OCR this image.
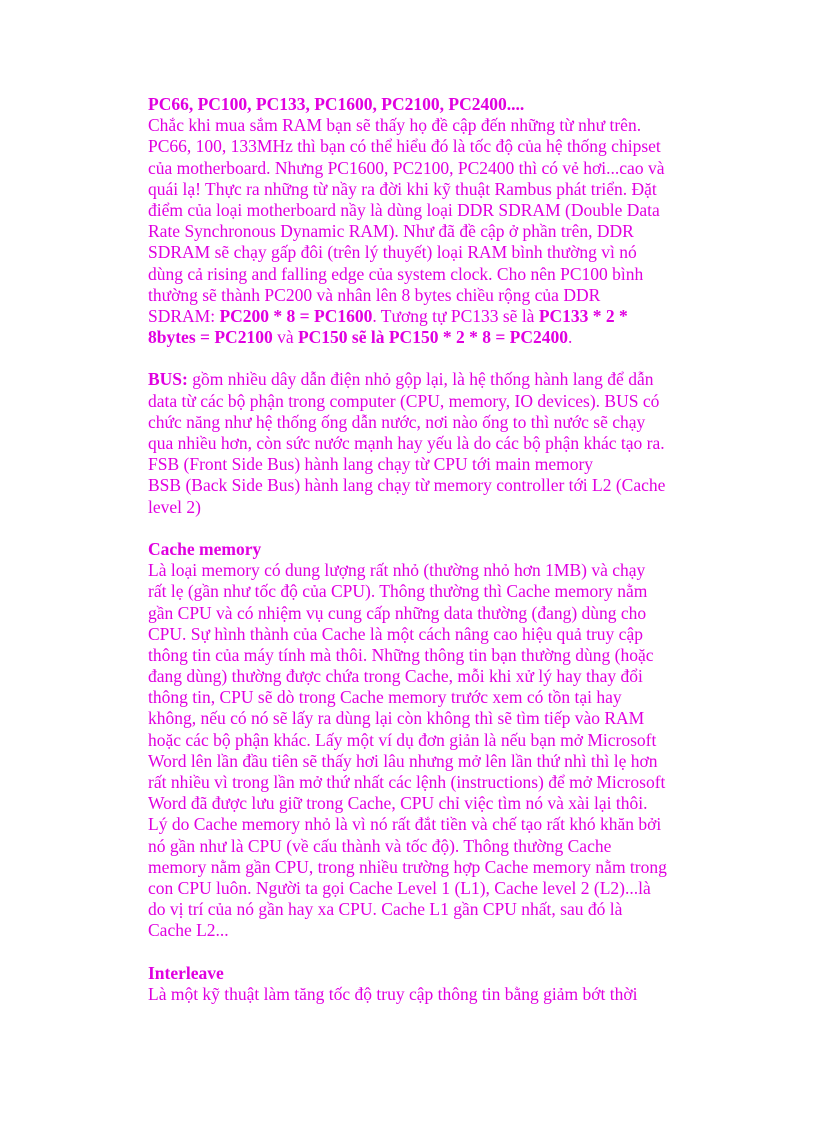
PC66, PC100, PC133, PC1600, PC2100, PC2400....
Chắc khi mua sắm RAM bạn sẽ thấy họ đề cập đến những từ như trên.
PC66, 100, 133MHz thì bạn có thể hiểu đó là tốc độ của hệ thống chipset
của motherboard. Nhưng PC1600, PC2100, PC2400 thì có vẻ hơi...cao và
quái lạ! Thực ra những từ nầy ra đời khi kỹ thuật Rambus phát triển. Đặt
điểm của loại motherboard nầy là dùng loại DDR SDRAM (Double Data
Rate Synchronous Dynamic RAM). Như đã đề cập ở phần trên, DDR
SDRAM sẽ chạy gấp đôi (trên lý thuyết) loại RAM bình thường vì nó
dùng cả rising and falling edge của system clock. Cho nên PC100 bình
thường sẽ thành PC200 và nhân lên 8 bytes chiều rộng của DDR
SDRAM: PC200 * 8 = PC1600. Tương tự PC133 sẽ là PC133 * 2 *
8bytes = PC2100 và PC150 sẽ là PC150 * 2 * 8 = PC2400.
BUS: gồm nhiều dây dẫn điện nhỏ gộp lại, là hệ thống hành lang để dẫn
data từ các bộ phận trong computer (CPU, memory, IO devices). BUS có
chức năng như hệ thống ống dẫn nước, nơi nào ống to thì nước sẽ chạy
qua nhiều hơn, còn sức nước mạnh hay yếu là do các bộ phận khác tạo ra.
FSB (Front Side Bus) hành lang chạy từ CPU tới main memory
BSB (Back Side Bus) hành lang chạy từ memory controller tới L2 (Cache
level 2)
Cache memory
Là loại memory có dung lượng rất nhỏ (thường nhỏ hơn 1MB) và chạy
rất lẹ (gần như tốc độ của CPU). Thông thường thì Cache memory nằm
gần CPU và có nhiệm vụ cung cấp những data thường (đang) dùng cho
CPU. Sự hình thành của Cache là một cách nâng cao hiệu quả truy cập
thông tin của máy tính mà thôi. Những thông tin bạn thường dùng (hoặc
đang dùng) thường được chứa trong Cache, mỗi khi xử lý hay thay đổi
thông tin, CPU sẽ dò trong Cache memory trước xem có tồn tại hay
không, nếu có nó sẽ lấy ra dùng lại còn không thì sẽ tìm tiếp vào RAM
hoặc các bộ phận khác. Lấy một ví dụ đơn giản là nếu bạn mở Microsoft
Word lên lần đầu tiên sẽ thấy hơi lâu nhưng mở lên lần thứ nhì thì lẹ hơn
rất nhiều vì trong lần mở thứ nhất các lệnh (instructions) để mở Microsoft
Word đã được lưu giữ trong Cache, CPU chỉ việc tìm nó và xài lại thôi.
Lý do Cache memory nhỏ là vì nó rất đắt tiền và chế tạo rất khó khăn bởi
nó gần như là CPU (về cấu thành và tốc độ). Thông thường Cache
memory nằm gần CPU, trong nhiều trường hợp Cache memory nằm trong
con CPU luôn. Người ta gọi Cache Level 1 (L1), Cache level 2 (L2)...là
do vị trí của nó gần hay xa CPU. Cache L1 gần CPU nhất, sau đó là
Cache L2...
Interleave
Là một kỹ thuật làm tăng tốc độ truy cập thông tin bằng giảm bớt thời
